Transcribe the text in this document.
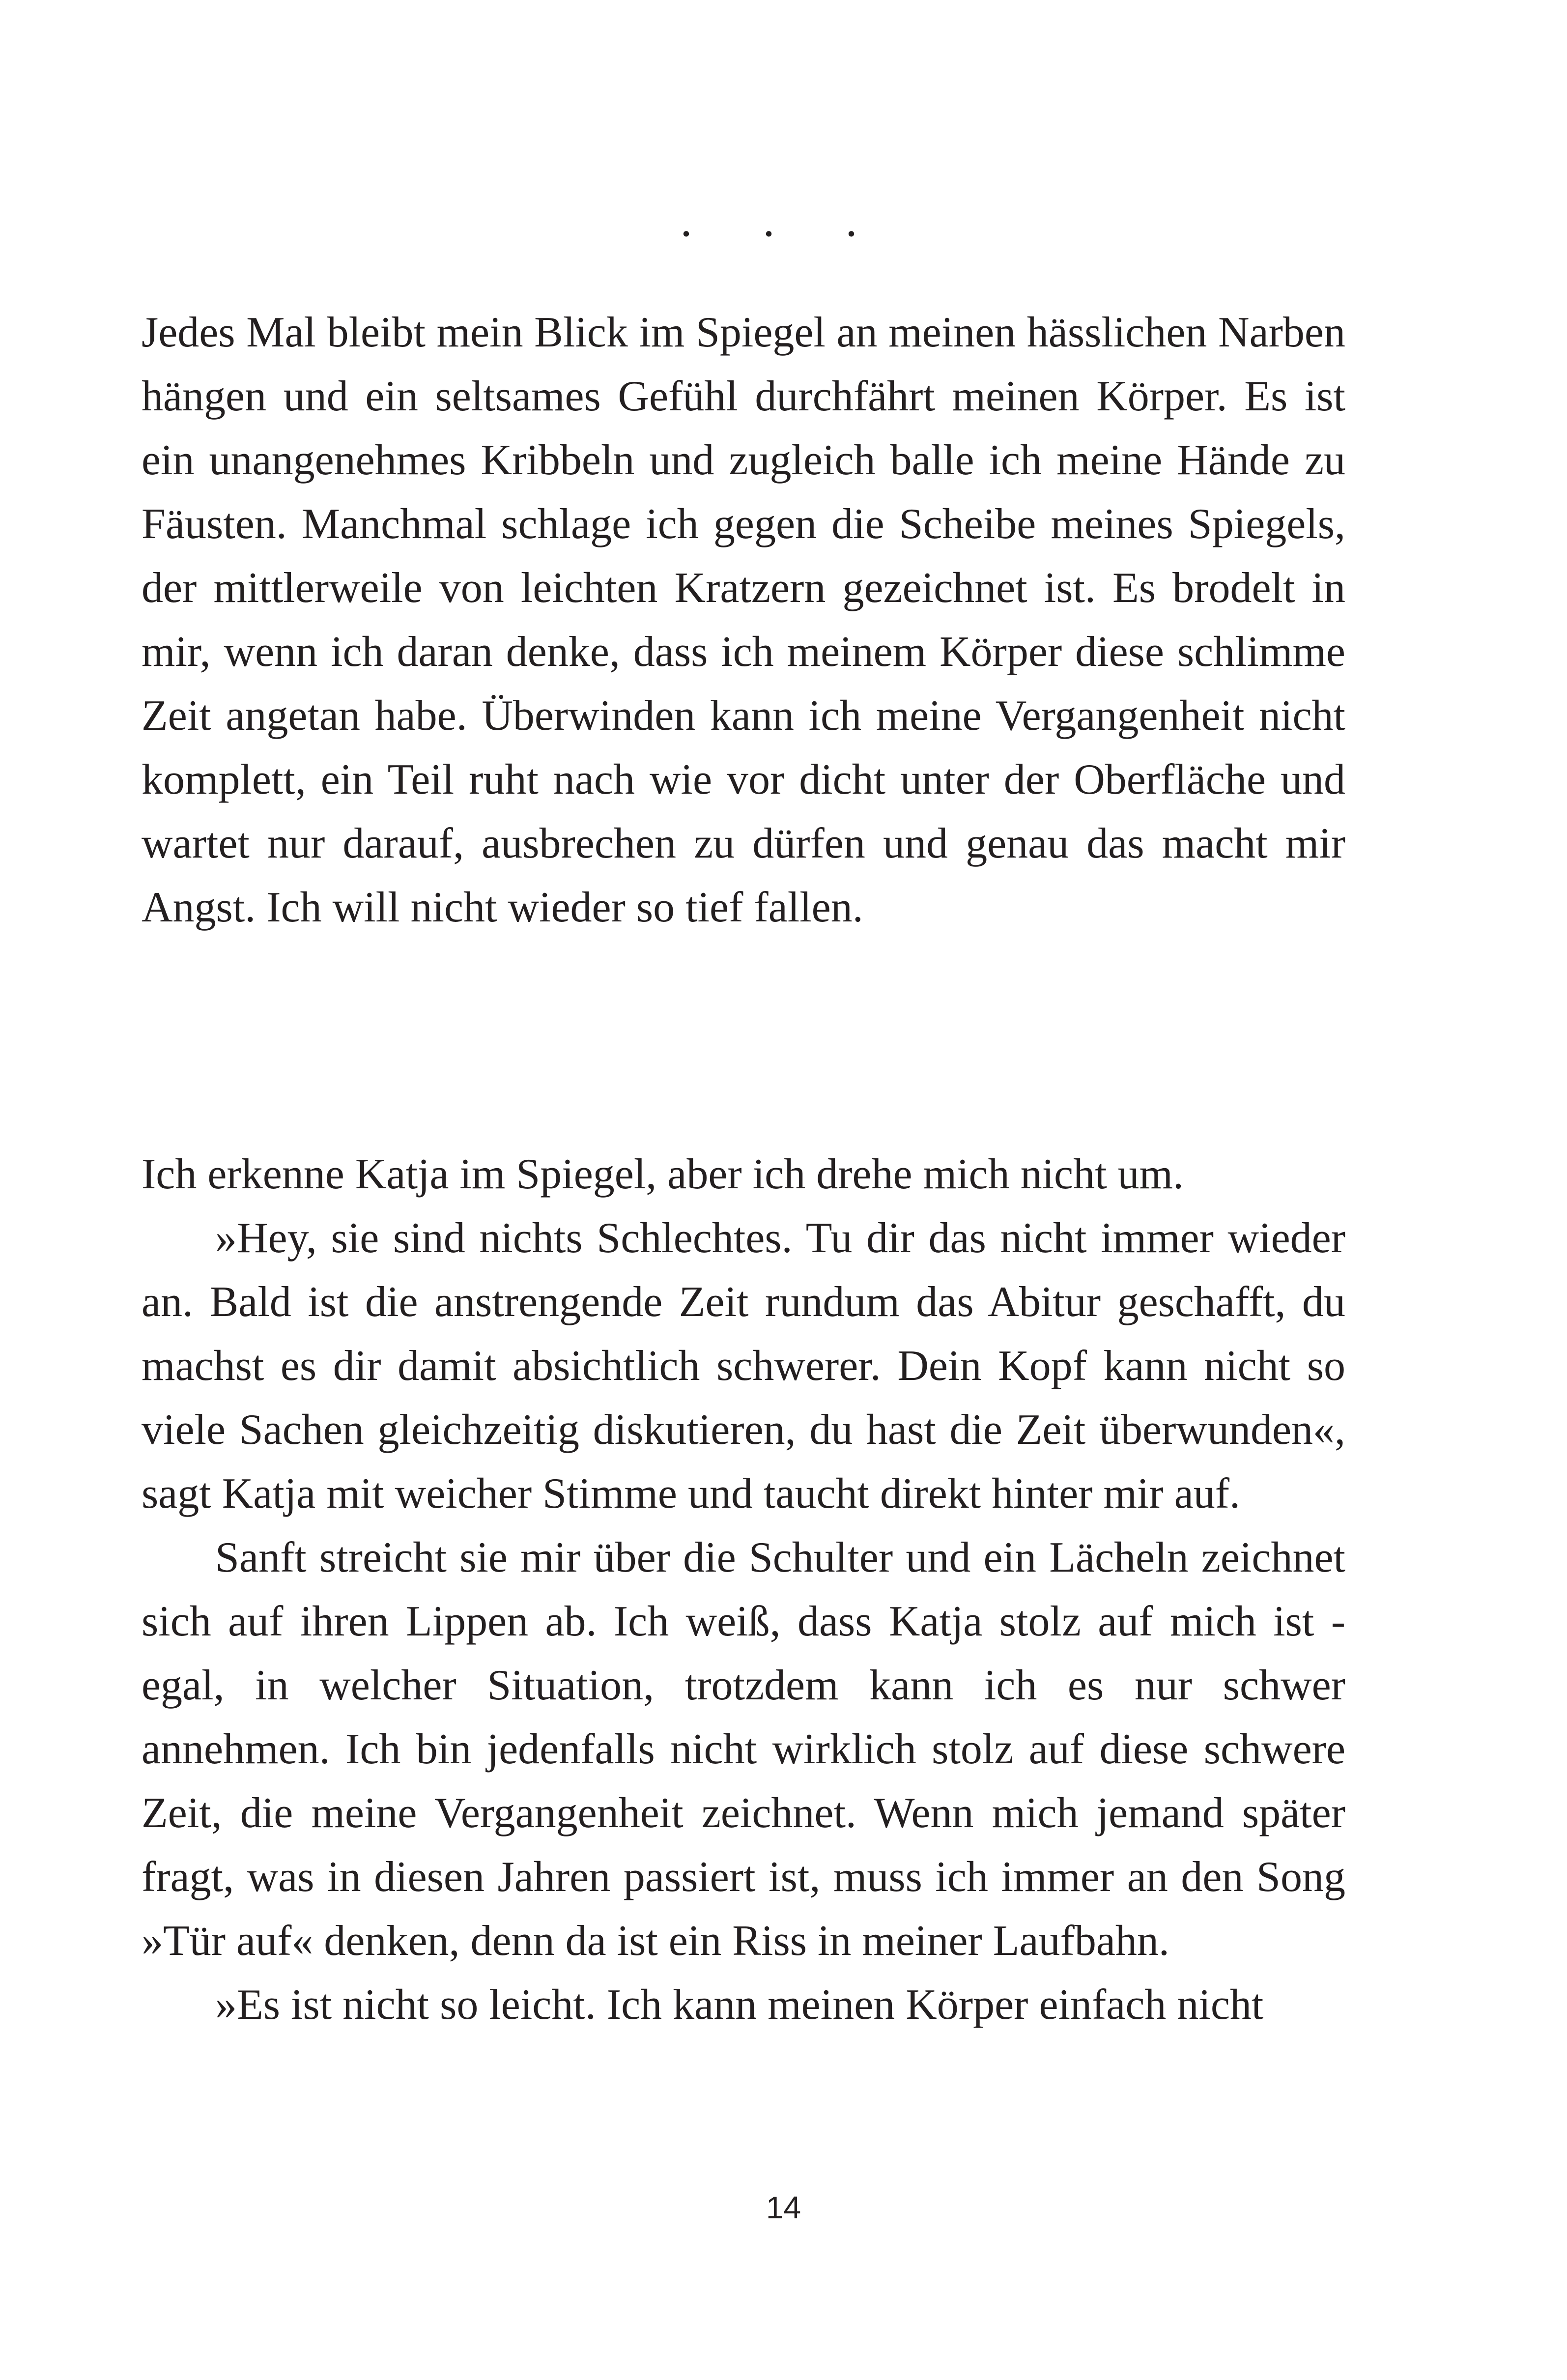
. . .

Jedes Mal bleibt mein Blick im Spiegel an meinen hässlichen Narben hängen und ein seltsames Gefühl durchfährt meinen Körper. Es ist ein unangenehmes Kribbeln und zugleich balle ich meine Hände zu Fäusten. Manchmal schlage ich gegen die Scheibe meines Spiegels, der mittlerweile von leichten Kratzern gezeichnet ist. Es brodelt in mir, wenn ich daran denke, dass ich meinem Körper diese schlimme Zeit angetan habe. Überwinden kann ich meine Vergangenheit nicht komplett, ein Teil ruht nach wie vor dicht unter der Oberfläche und wartet nur darauf, ausbrechen zu dürfen und genau das macht mir Angst. Ich will nicht wieder so tief fallen.

Ich erkenne Katja im Spiegel, aber ich drehe mich nicht um.

»Hey, sie sind nichts Schlechtes. Tu dir das nicht immer wieder an. Bald ist die anstrengende Zeit rundum das Abitur geschafft, du machst es dir damit absichtlich schwerer. Dein Kopf kann nicht so viele Sachen gleichzeitig diskutieren, du hast die Zeit überwunden«, sagt Katja mit weicher Stimme und taucht direkt hinter mir auf.

Sanft streicht sie mir über die Schulter und ein Lächeln zeichnet sich auf ihren Lippen ab. Ich weiß, dass Katja stolz auf mich ist - egal, in welcher Situation, trotzdem kann ich es nur schwer annehmen. Ich bin jedenfalls nicht wirklich stolz auf diese schwere Zeit, die meine Vergangenheit zeichnet. Wenn mich jemand später fragt, was in diesen Jahren passiert ist, muss ich immer an den Song »Tür auf« denken, denn da ist ein Riss in meiner Laufbahn.

»Es ist nicht so leicht. Ich kann meinen Körper einfach nicht

14
